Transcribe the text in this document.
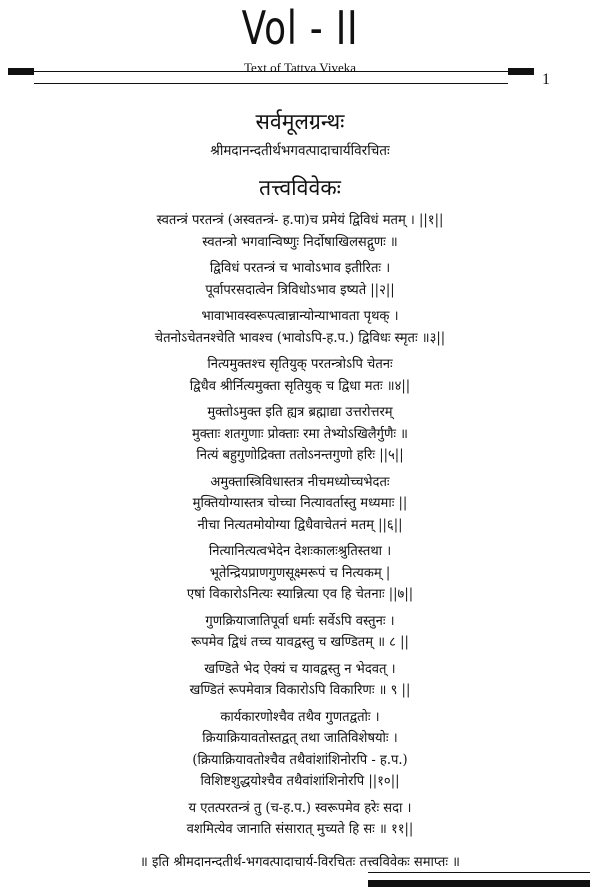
Vol - II
Text of Tattva Viveka
1
सर्वमूलग्रन्थः
श्रीमदानन्दतीर्थभगवत्पादाचार्यविरचितः
तत्त्वविवेकः
स्वतन्त्रं परतन्त्रं (अस्वतन्त्रं- ह.पा)च प्रमेयं द्विविधं मतम् । ||१||
स्वतन्त्रो भगवान्विष्णुः निर्दोषाखिलसद्गुणः ॥
द्विविधं परतन्त्रं च भावोऽभाव इतीरितः ।
पूर्वापरसदात्वेन त्रिविधोऽभाव इष्यते ||२||
भावाभावस्वरूपत्वान्नान्योन्याभावता पृथक् ।
चेतनोऽचेतनश्चेति भावश्च (भावोऽपि-ह.प.) द्विविधः स्मृतः ॥३||
नित्यमुक्तश्च सृतियुक् परतन्त्रोऽपि चेतनः
द्विधैव श्रीर्नित्यमुक्ता सृतियुक् च द्विधा मतः ॥४||
मुक्तोऽमुक्त इति ह्यत्र ब्रह्माद्या उत्तरोत्तरम्
मुक्ताः शतगुणाः प्रोक्ताः रमा तेभ्योऽखिलैर्गुणैः ॥
नित्यं बहुगुणोद्रिक्ता ततोऽनन्तगुणो हरिः ||५||
अमुक्तास्त्रिविधास्तत्र नीचमध्योच्चभेदतः
मुक्तियोग्यास्तत्र चोच्चा नित्यावर्तास्तु मध्यमाः ||
नीचा नित्यतमोयोग्या द्विधैवाचेतनं मतम् ||६||
नित्यानित्यत्वभेदेन देशःकालःश्रुतिस्तथा ।
भूतेन्द्रियप्राणगुणसूक्ष्मरूपं च नित्यकम् |
एषां विकारोऽनित्यः स्यान्नित्या एव हि चेतनाः ||७||
गुणक्रियाजातिपूर्वा धर्माः सर्वेऽपि वस्तुनः ।
रूपमेव द्विधं तच्च यावद्वस्तु च खण्डितम् ॥ ८ ||
खण्डिते भेद ऐक्यं च यावद्वस्तु न भेदवत् ।
खण्डितं रूपमेवात्र विकारोऽपि विकारिणः ॥ ९ ||
कार्यकारणोश्चैव तथैव गुणतद्वतोः ।
क्रियाक्रियावतोस्तद्वत् तथा जातिविशेषयोः ।
(क्रियाक्रियावतोश्चैव तथैवांशांशिनोरपि - ह.प.)
विशिष्टशुद्धयोश्चैव तथैवांशांशिनोरपि ||१०||
य एतत्परतन्त्रं तु (च-ह.प.) स्वरूपमेव हरेः सदा ।
वशमित्येव जानाति संसारात् मुच्यते हि सः ॥ ११||
॥ इति श्रीमदानन्दतीर्थ-भगवत्पादाचार्य-विरचितः तत्त्वविवेकः समाप्तः ॥
